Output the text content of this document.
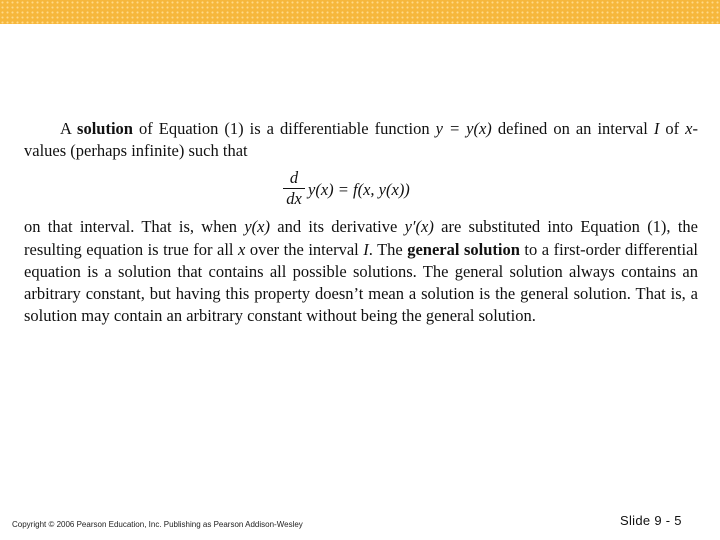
A solution of Equation (1) is a differentiable function y = y(x) defined on an interval I of x-values (perhaps infinite) such that

d
dx y(x) = f(x, y(x))

on that interval. That is, when y(x) and its derivative y′(x) are substituted into Equation (1), the resulting equation is true for all x over the interval I. The general solution to a first-order differential equation is a solution that contains all possible solutions. The general solution always contains an arbitrary constant, but having this property doesn’t mean a solution is the general solution. That is, a solution may contain an arbitrary constant without being the general solution.

Copyright © 2006 Pearson Education, Inc. Publishing as Pearson Addison-Wesley	Slide 9 - 5
